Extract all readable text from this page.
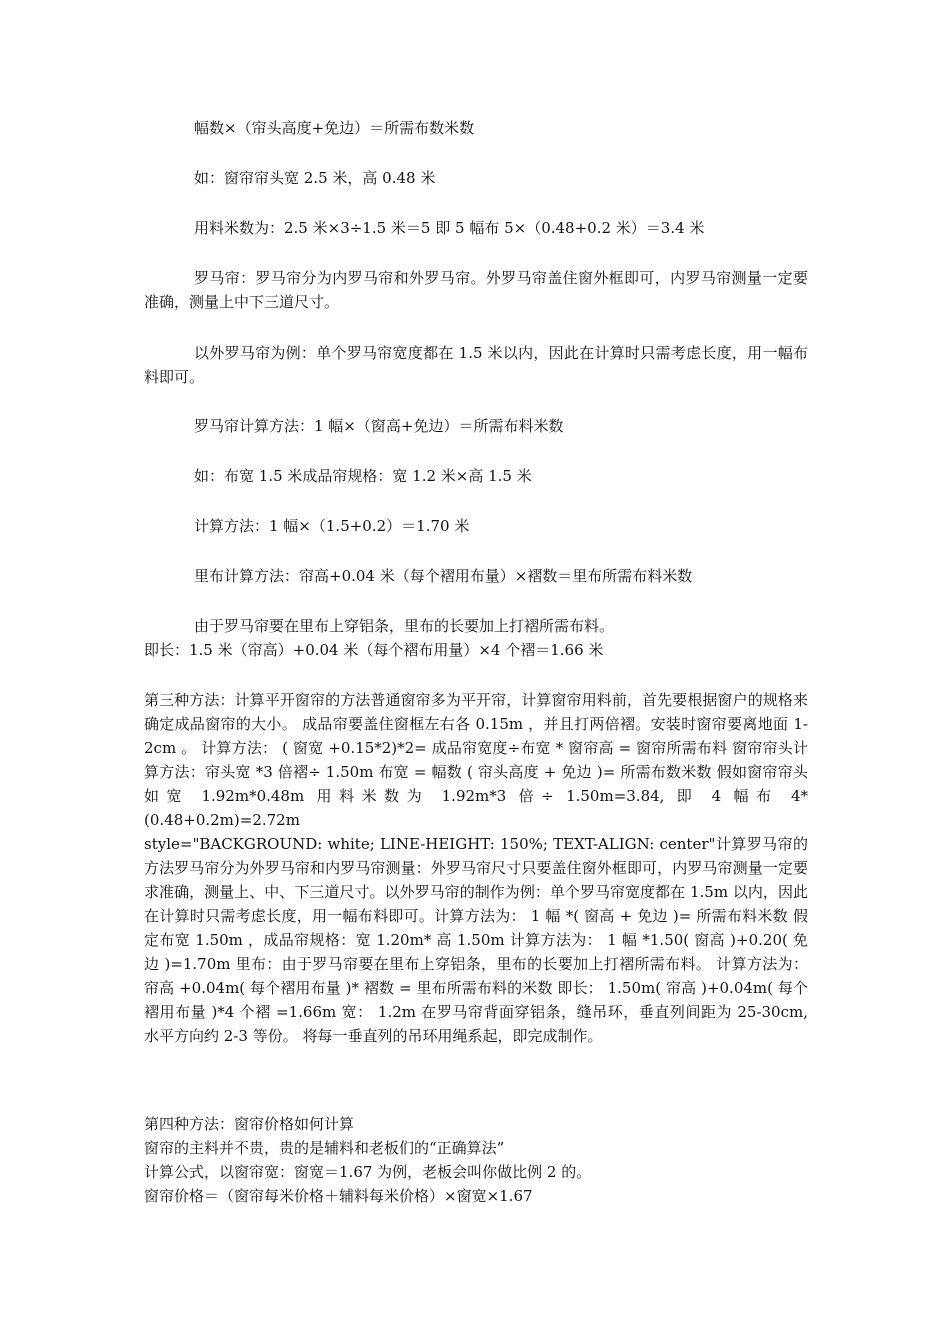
幅数×（帘头高度+免边）＝所需布数米数

如：窗帘帘头宽 2.5 米，高 0.48 米

用料米数为：2.5 米×3÷1.5 米＝5 即 5 幅布 5×（0.48+0.2 米）＝3.4 米

罗马帘：罗马帘分为内罗马帘和外罗马帘。外罗马帘盖住窗外框即可，内罗马帘测量一定要准确，测量上中下三道尺寸。

以外罗马帘为例：单个罗马帘宽度都在 1.5 米以内，因此在计算时只需考虑长度，用一幅布料即可。

罗马帘计算方法：1 幅×（窗高+免边）＝所需布料米数

如：布宽 1.5 米成品帘规格：宽 1.2 米×高 1.5 米

计算方法：1 幅×（1.5+0.2）＝1.70 米

里布计算方法：帘高+0.04 米（每个褶用布量）×褶数＝里布所需布料米数

由于罗马帘要在里布上穿铝条，里布的长要加上打褶所需布料。

即长：1.5 米（帘高）+0.04 米（每个褶布用量）×4 个褶＝1.66 米

第三种方法：计算平开窗帘的方法普通窗帘多为平开帘，计算窗帘用料前，首先要根据窗户的规格来确定成品窗帘的大小。 成品帘要盖住窗框左右各 0.15m ，并且打两倍褶。安装时窗帘要离地面 1-2cm 。 计算方法： ( 窗宽 +0.15*2)*2= 成品帘宽度÷布宽 * 窗帘高 = 窗帘所需布料 窗帘帘头计算方法：帘头宽 *3 倍褶÷ 1.50m 布宽 = 幅数 ( 帘头高度 + 免边 )= 所需布数米数 假如窗帘帘头如宽 1.92m*0.48m 用料米数为 1.92m*3 倍÷ 1.50m=3.84, 即 4 幅布 4*(0.48+0.2m)=2.72m

style="BACKGROUND: white; LINE-HEIGHT: 150%; TEXT-ALIGN: center"计算罗马帘的方法罗马帘分为外罗马帘和内罗马帘测量：外罗马帘尺寸只要盖住窗外框即可，内罗马帘测量一定要求准确，测量上、中、下三道尺寸。以外罗马帘的制作为例：单个罗马帘宽度都在 1.5m 以内，因此在计算时只需考虑长度，用一幅布料即可。计算方法为： 1 幅 *( 窗高 + 免边 )= 所需布料米数 假定布宽 1.50m ，成品帘规格：宽 1.20m* 高 1.50m 计算方法为： 1 幅 *1.50( 窗高 )+0.20( 免边 )=1.70m 里布：由于罗马帘要在里布上穿铝条，里布的长要加上打褶所需布料。 计算方法为：帘高 +0.04m( 每个褶用布量 )* 褶数 = 里布所需布料的米数 即长： 1.50m( 帘高 )+0.04m( 每个褶用布量 )*4 个褶 =1.66m 宽： 1.2m 在罗马帘背面穿铝条，缝吊环，垂直列间距为 25-30cm, 水平方向约 2-3 等份。 将每一垂直列的吊环用绳系起，即完成制作。

第四种方法：窗帘价格如何计算

窗帘的主料并不贵，贵的是辅料和老板们的“正确算法”

计算公式，以窗帘宽：窗宽＝1.67 为例，老板会叫你做比例 2 的。

窗帘价格＝（窗帘每米价格＋辅料每米价格）×窗宽×1.67
